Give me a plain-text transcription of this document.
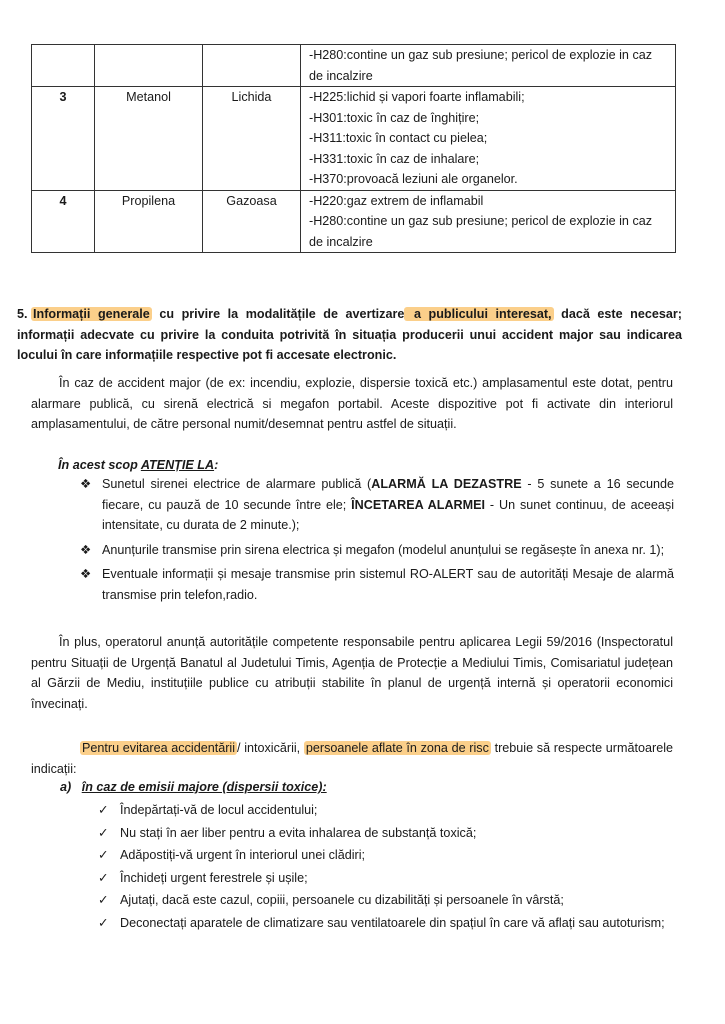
			-H280:contine un gaz sub presiune; pericol de explozie in caz de incalzire

3	Metanol	Lichida	-H225:lichid și vapori foarte inflamabili;
-H301:toxic în caz de înghițire;
-H311:toxic în contact cu pielea;
-H331:toxic în caz de inhalare;
-H370:provoacă leziuni ale organelor.

4	Propilena	Gazoasa	-H220:gaz extrem de inflamabil
-H280:contine un gaz sub presiune; pericol de explozie in caz de incalzire
5. Informații generale cu privire la modalitățile de avertizare a publicului interesat, dacă este necesar; informații adecvate cu privire la conduita potrivită în situația producerii unui accident major sau indicarea locului în care informațiile respective pot fi accesate electronic.
În caz de accident major (de ex: incendiu, explozie, dispersie toxică etc.) amplasamentul este dotat, pentru alarmare publică, cu sirenă electrică si megafon portabil. Aceste dispozitive pot fi activate din interiorul amplasamentului, de către personal numit/desemnat pentru astfel de situații.
În acest scop ATENȚIE LA:
❖ Sunetul sirenei electrice de alarmare publică (ALARMĂ LA DEZASTRE - 5 sunete a 16 secunde fiecare, cu pauză de 10 secunde între ele; ÎNCETAREA ALARMEI - Un sunet continuu, de aceeași intensitate, cu durata de 2 minute.);
❖ Anunțurile transmise prin sirena electrica și megafon (modelul anunțului se regăsește în anexa nr. 1);
❖ Eventuale informații și mesaje transmise prin sistemul RO-ALERT sau de autorități Mesaje de alarmă transmise prin telefon,radio.
În plus, operatorul anunță autoritățile competente responsabile pentru aplicarea Legii 59/2016 (Inspectoratul pentru Situații de Urgență Banatul al Judetului Timis, Agenția de Protecție a Mediului Timis, Comisariatul județean al Gărzii de Mediu, instituțiile publice cu atribuții stabilite în planul de urgență internă și operatorii economici învecinați.
Pentru evitarea accidentării / intoxicării, persoanele aflate în zona de risc trebuie să respecte următoarele indicații:
a) în caz de emisii majore (dispersii toxice):
✓ Îndepărtați-vă de locul accidentului;
✓ Nu stați în aer liber pentru a evita inhalarea de substanță toxică;
✓ Adăpostiți-vă urgent în interiorul unei clădiri;
✓ Închideți urgent ferestrele și ușile;
✓ Ajutați, dacă este cazul, copiii, persoanele cu dizabilități și persoanele în vârstă;
✓ Deconectați aparatele de climatizare sau ventilatoarele din spațiul în care vă aflați sau autoturism;
